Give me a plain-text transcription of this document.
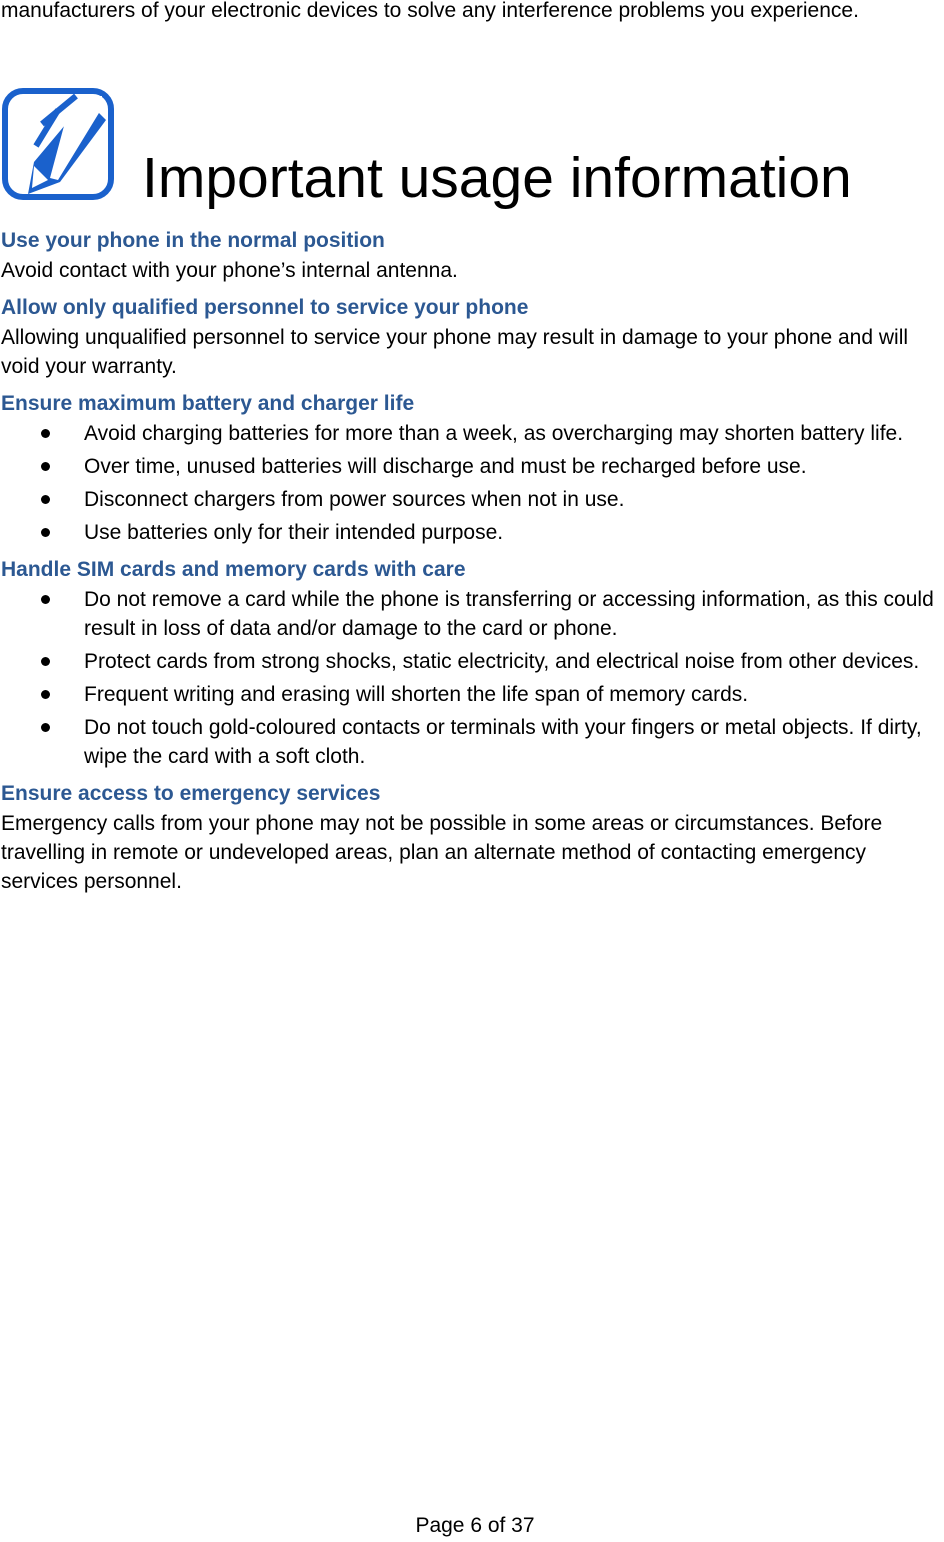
manufacturers of your electronic devices to solve any interference problems you experience.

Important usage information
Use your phone in the normal position

Avoid contact with your phone’s internal antenna.

Allow only qualified personnel to service your phone

Allowing unqualified personnel to service your phone may result in damage to your phone and will void your warranty.

Ensure maximum battery and charger life
Avoid charging batteries for more than a week, as overcharging may shorten battery life.
Over time, unused batteries will discharge and must be recharged before use.
Disconnect chargers from power sources when not in use.
Use batteries only for their intended purpose.
Handle SIM cards and memory cards with care
Do not remove a card while the phone is transferring or accessing information, as this could result in loss of data and/or damage to the card or phone.
Protect cards from strong shocks, static electricity, and electrical noise from other devices.
Frequent writing and erasing will shorten the life span of memory cards.
Do not touch gold-coloured contacts or terminals with your fingers or metal objects. If dirty, wipe the card with a soft cloth.
Ensure access to emergency services

Emergency calls from your phone may not be possible in some areas or circumstances. Before travelling in remote or undeveloped areas, plan an alternate method of contacting emergency services personnel.

Page 6 of 37
